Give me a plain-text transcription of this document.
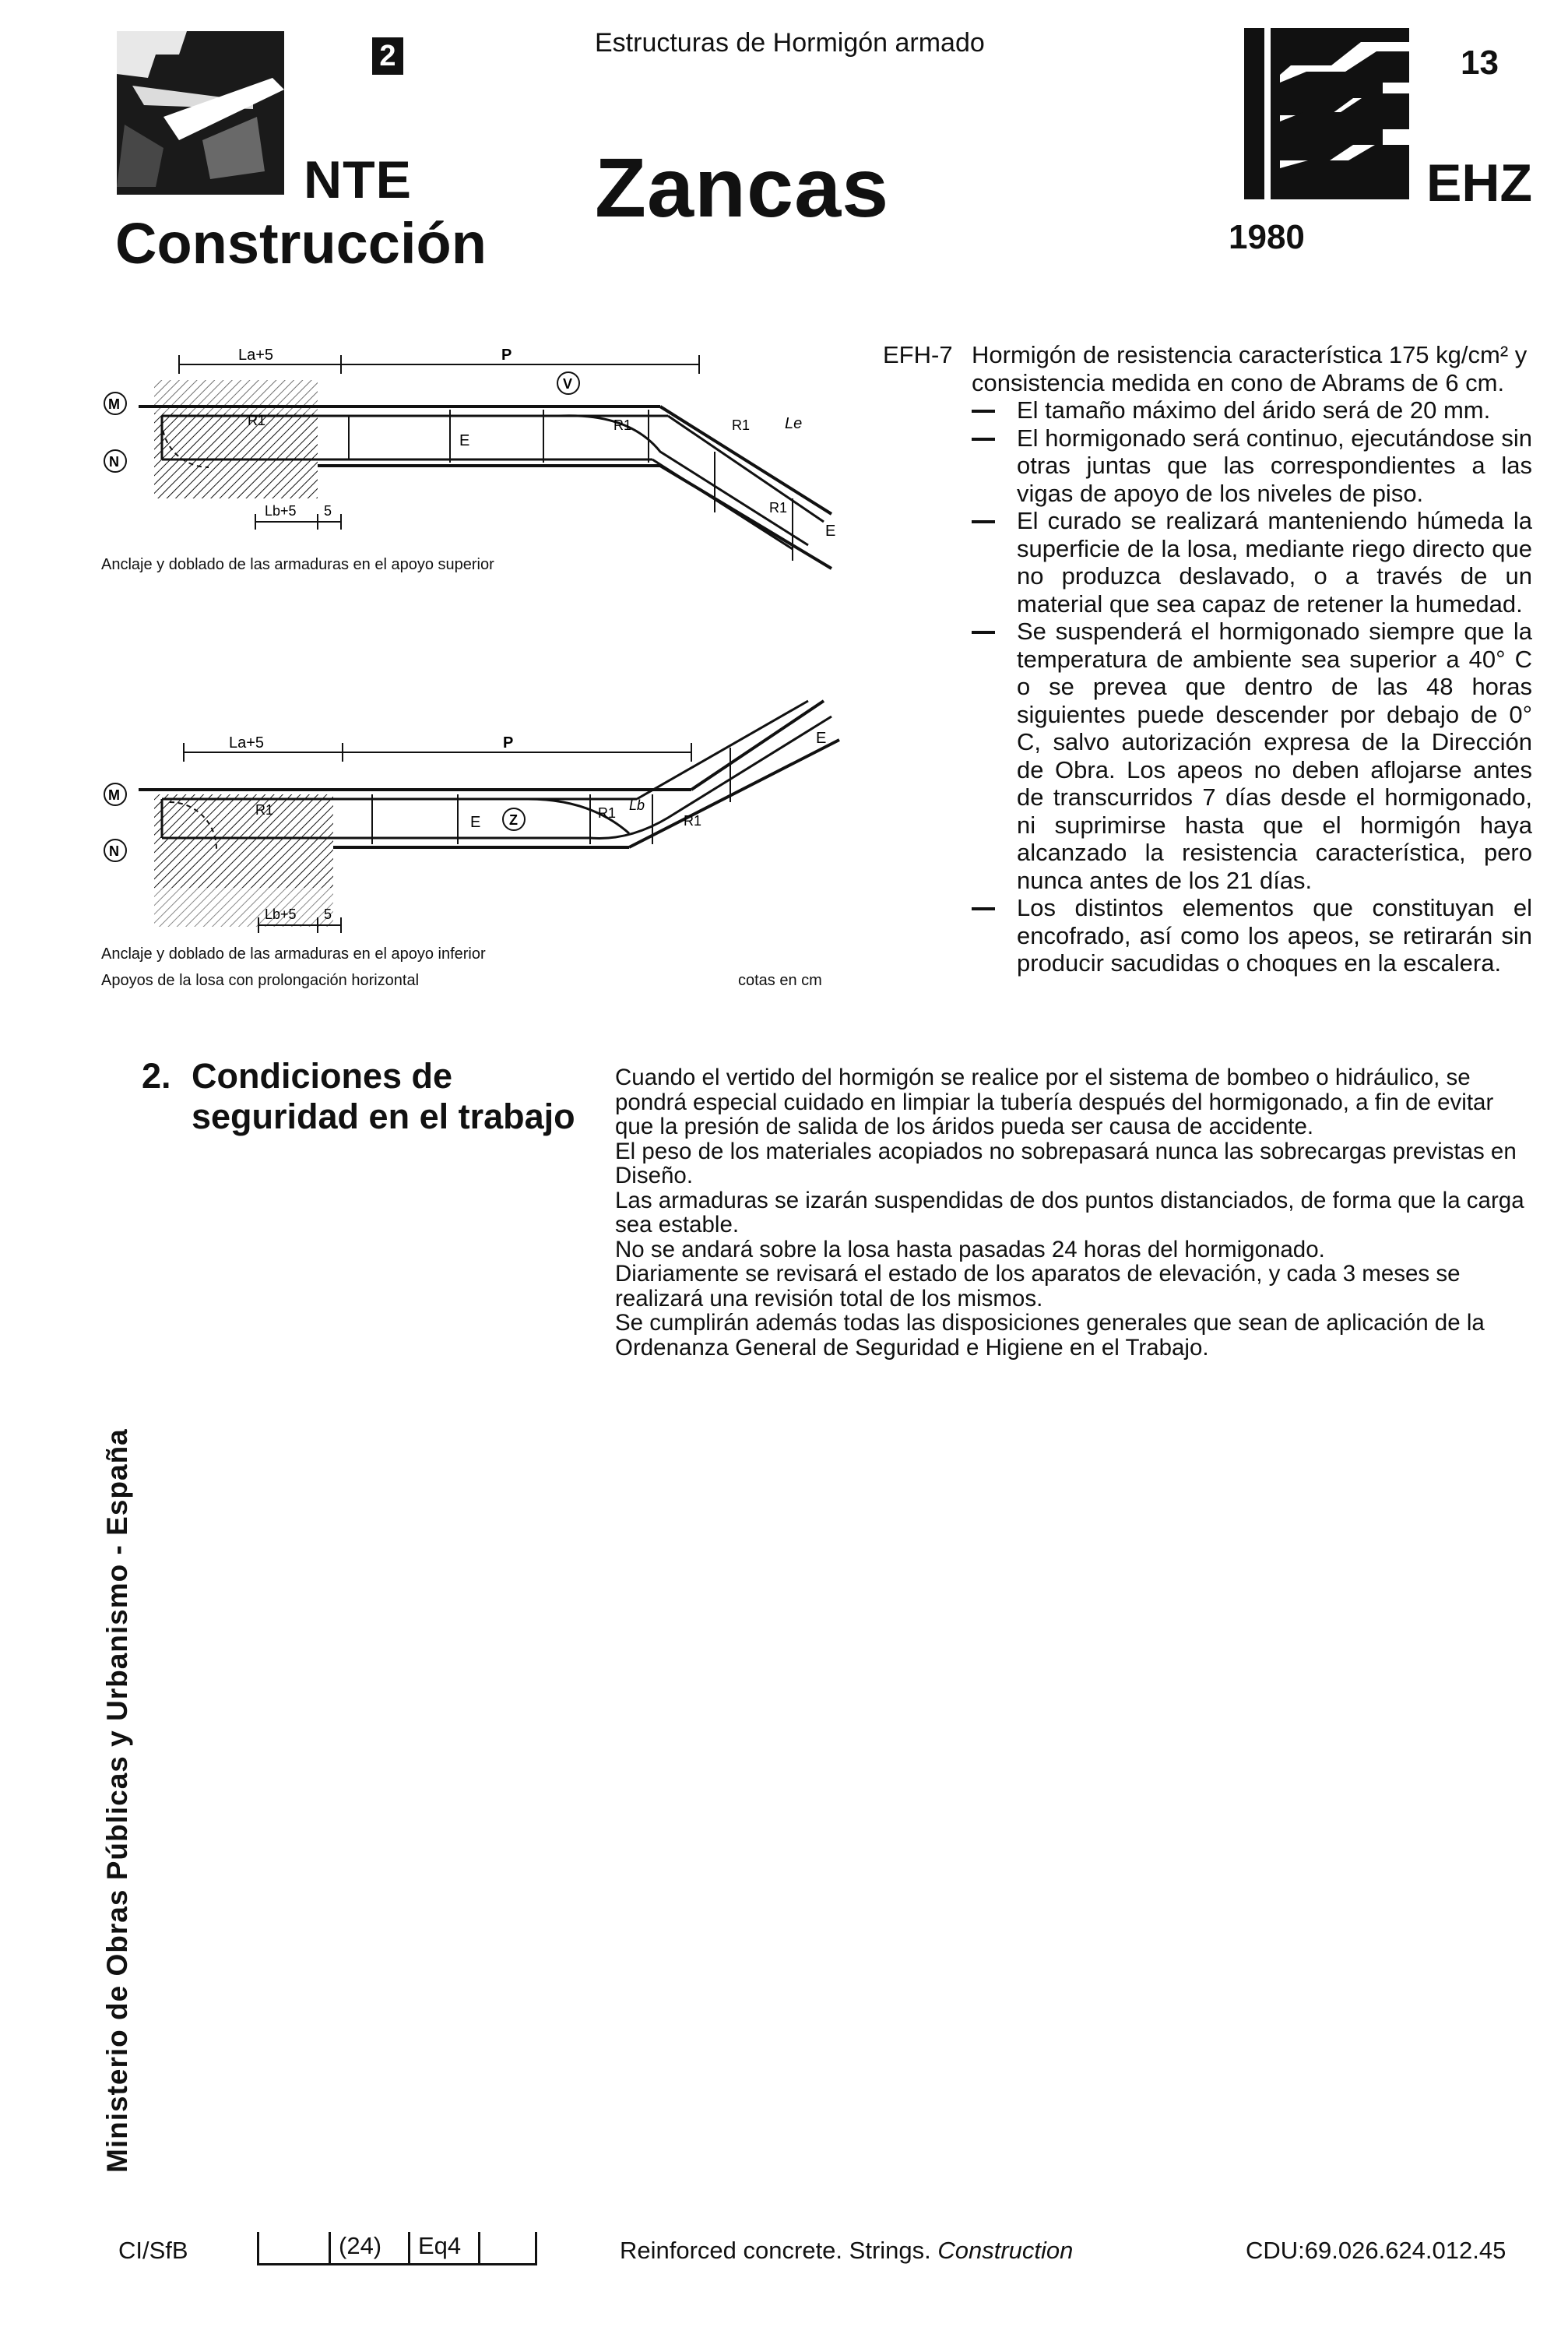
2
NTE
Construcción
Estructuras de Hormigón armado
Zancas
13
EHZ
1980
La+5	P
M
N
V
E
E
R1	R1	R1
R1
Le
Lb+5 5
Anclaje y doblado de las armaduras en el apoyo superior
La+5	P
M
N
Z
E
E
R1	R1	R1
Lb
Lb+5 5
Anclaje y doblado de las armaduras en el apoyo inferior
Apoyos de la losa con prolongación horizontal	cotas en cm
EFH-7 Hormigón de resistencia característica 175 kg/cm² y consistencia medida en cono de Abrams de 6 cm.

El tamaño máximo del árido será de 20 mm.

El hormigonado será continuo, ejecutándose sin otras juntas que las correspondientes a las vigas de apoyo de los niveles de piso.

El curado se realizará manteniendo húmeda la superficie de la losa, mediante riego directo que no produzca deslavado, o a través de un material que sea capaz de retener la humedad.

Se suspenderá el hormigonado siempre que la temperatura de ambiente sea superior a 40° C o se prevea que dentro de las 48 horas siguientes puede descender por debajo de 0° C, salvo autorización expresa de la Dirección de Obra. Los apeos no deben aflojarse antes de transcurridos 7 días desde el hormigonado, ni suprimirse hasta que el hormigón haya alcanzado la resistencia característica, pero nunca antes de los 21 días.

Los distintos elementos que constituyan el encofrado, así como los apeos, se retirarán sin producir sacudidas o choques en la escalera.

2. Condiciones de seguridad en el trabajo

Cuando el vertido del hormigón se realice por el sistema de bombeo o hidráulico, se pondrá especial cuidado en limpiar la tubería después del hormigonado, a fin de evitar que la presión de salida de los áridos pueda ser causa de accidente.

El peso de los materiales acopiados no sobrepasará nunca las sobrecargas previstas en Diseño.

Las armaduras se izarán suspendidas de dos puntos distanciados, de forma que la carga sea estable.

No se andará sobre la losa hasta pasadas 24 horas del hormigonado.

Diariamente se revisará el estado de los aparatos de elevación, y cada 3 meses se realizará una revisión total de los mismos.

Se cumplirán además todas las disposiciones generales que sean de aplicación de la Ordenanza General de Seguridad e Higiene en el Trabajo.

Ministerio de Obras Públicas y Urbanismo - España
CI/SfB	(24)	Eq4	Reinforced concrete. Strings. Construction	CDU:69.026.624.012.45
